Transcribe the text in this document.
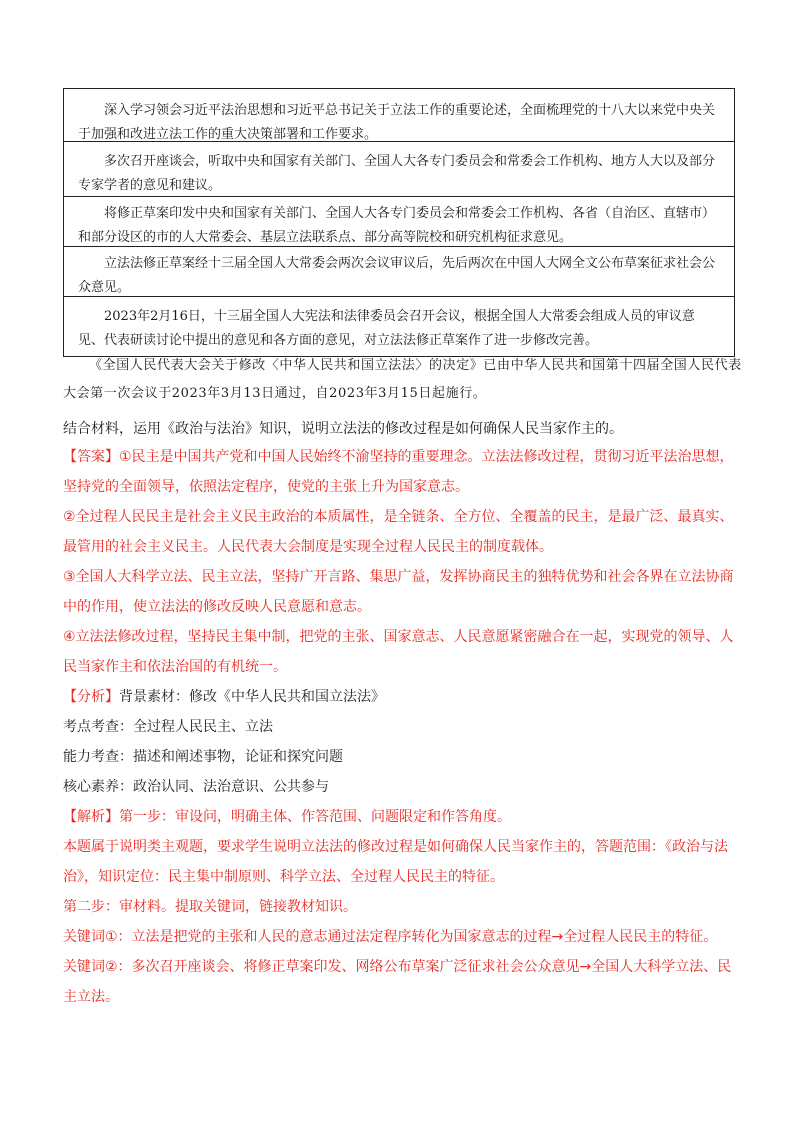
深入学习领会习近平法治思想和习近平总书记关于立法工作的重要论述，全面梳理党的十八大以来党中央关于加强和改进立法工作的重大决策部署和工作要求。
多次召开座谈会，听取中央和国家有关部门、全国人大各专门委员会和常委会工作机构、地方人大以及部分专家学者的意见和建议。
将修正草案印发中央和国家有关部门、全国人大各专门委员会和常委会工作机构、各省（自治区、直辖市）和部分设区的市的人大常委会、基层立法联系点、部分高等院校和研究机构征求意见。
立法法修正草案经十三届全国人大常委会两次会议审议后，先后两次在中国人大网全文公布草案征求社会公众意见。
2023年2月16日，十三届全国人大宪法和法律委员会召开会议，根据全国人大常委会组成人员的审议意见、代表研读讨论中提出的意见和各方面的意见，对立法法修正草案作了进一步修改完善。
《全国人民代表大会关于修改〈中华人民共和国立法法〉的决定》已由中华人民共和国第十四届全国人民代表大会第一次会议于2023年3月13日通过，自2023年3月15日起施行。
结合材料，运用《政治与法治》知识，说明立法法的修改过程是如何确保人民当家作主的。

【答案】①民主是中国共产党和中国人民始终不渝坚持的重要理念。立法法修改过程，贯彻习近平法治思想，坚持党的全面领导，依照法定程序，使党的主张上升为国家意志。

②全过程人民民主是社会主义民主政治的本质属性，是全链条、全方位、全覆盖的民主，是最广泛、最真实、最管用的社会主义民主。人民代表大会制度是实现全过程人民民主的制度载体。

③全国人大科学立法、民主立法，坚持广开言路、集思广益，发挥协商民主的独特优势和社会各界在立法协商中的作用，使立法法的修改反映人民意愿和意志。

④立法法修改过程，坚持民主集中制，把党的主张、国家意志、人民意愿紧密融合在一起，实现党的领导、人民当家作主和依法治国的有机统一。

【分析】背景素材：修改《中华人民共和国立法法》

考点考查：全过程人民民主、立法

能力考查：描述和阐述事物，论证和探究问题

核心素养：政治认同、法治意识、公共参与

【解析】第一步：审设问，明确主体、作答范围、问题限定和作答角度。

本题属于说明类主观题，要求学生说明立法法的修改过程是如何确保人民当家作主的，答题范围：《政治与法治》，知识定位：民主集中制原则、科学立法、全过程人民民主的特征。

第二步：审材料。提取关键词，链接教材知识。

关键词①：立法是把党的主张和人民的意志通过法定程序转化为国家意志的过程→全过程人民民主的特征。

关键词②：多次召开座谈会、将修正草案印发、网络公布草案广泛征求社会公众意见→全国人大科学立法、民主立法。
